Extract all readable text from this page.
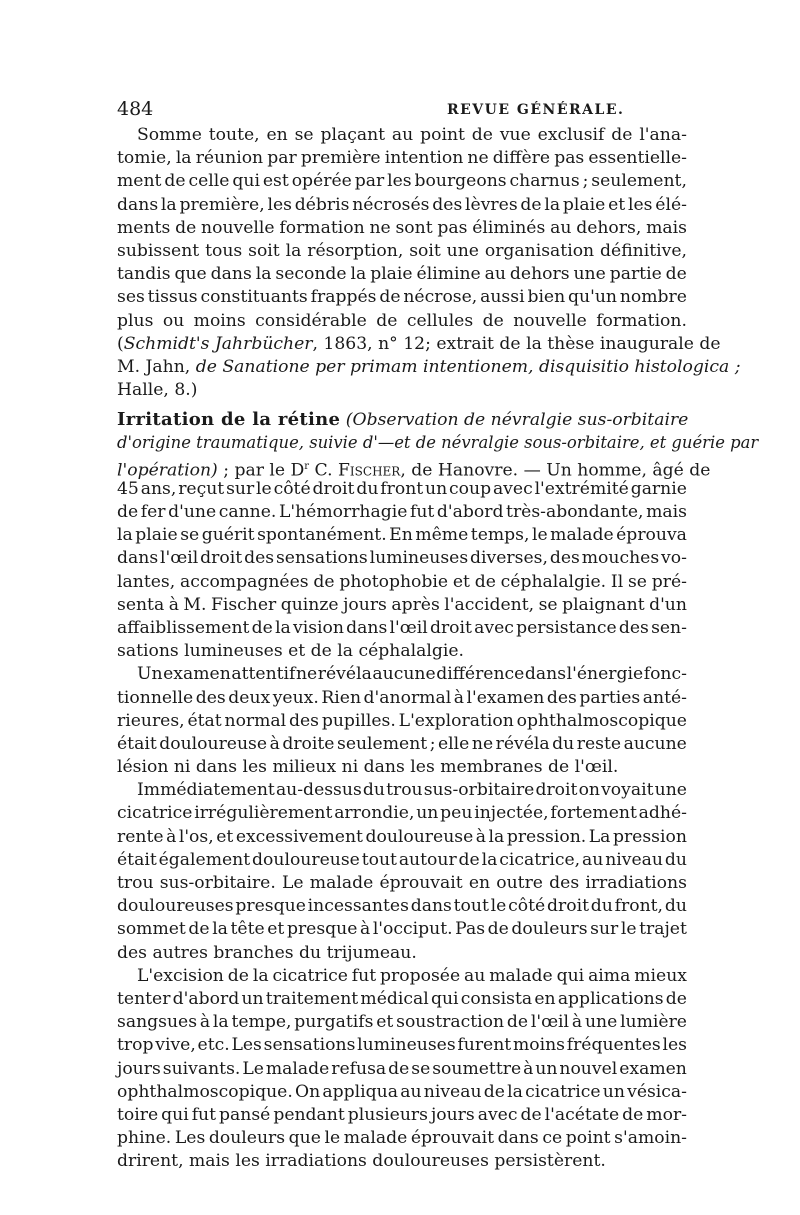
484	REVUE GÉNÉRALE.
Somme toute, en se plaçant au point de vue exclusif de l'ana-
tomie, la réunion par première intention ne diffère pas essentielle-
ment de celle qui est opérée par les bourgeons charnus ; seulement,
dans la première, les débris nécrosés des lèvres de la plaie et les élé-
ments de nouvelle formation ne sont pas éliminés au dehors, mais
subissent tous soit la résorption, soit une organisation définitive,
tandis que dans la seconde la plaie élimine au dehors une partie de
ses tissus constituants frappés de nécrose, aussi bien qu'un nombre
plus ou moins considérable de cellules de nouvelle formation.
(Schmidt's Jahrbücher, 1863, n° 12; extrait de la thèse inaugurale de
M. Jahn, de Sanatione per primam intentionem, disquisitio histologica ;
Halle, 8.)
Irritation de la rétine (Observation de névralgie sus-orbitaire
d'origine traumatique, suivie d'—et de névralgie sous-orbitaire, et guérie par
l'opération) ; par le $D^r$ C. Fischer, de Hanovre. — Un homme, âgé de
45 ans, reçut sur le côté droit du front un coup avec l'extrémité garnie
de fer d'une canne. L'hémorrhagie fut d'abord très-abondante, mais
la plaie se guérit spontanément. En même temps, le malade éprouva
dans l'œil droit des sensations lumineuses diverses, des mouches vo-
lantes, accompagnées de photophobie et de céphalalgie. Il se pré-
senta à M. Fischer quinze jours après l'accident, se plaignant d'un
affaiblissement de la vision dans l'œil droit avec persistance des sen-
sations lumineuses et de la céphalalgie.
Un examen attentif ne révéla aucune différence dans l'énergie fonc-
tionnelle des deux yeux. Rien d'anormal à l'examen des parties anté-
rieures, état normal des pupilles. L'exploration ophthalmoscopique
était douloureuse à droite seulement ; elle ne révéla du reste aucune
lésion ni dans les milieux ni dans les membranes de l'œil.
Immédiatement au-dessus du trou sus-orbitaire droit on voyait une
cicatrice irrégulièrement arrondie, un peu injectée, fortement adhé-
rente à l'os, et excessivement douloureuse à la pression. La pression
était également douloureuse tout autour de la cicatrice, au niveau du
trou sus-orbitaire. Le malade éprouvait en outre des irradiations
douloureuses presque incessantes dans tout le côté droit du front, du
sommet de la tête et presque à l'occiput. Pas de douleurs sur le trajet
des autres branches du trijumeau.
L'excision de la cicatrice fut proposée au malade qui aima mieux
tenter d'abord un traitement médical qui consista en applications de
sangsues à la tempe, purgatifs et soustraction de l'œil à une lumière
trop vive, etc. Les sensations lumineuses furent moins fréquentes les
jours suivants. Le malade refusa de se soumettre à un nouvel examen
ophthalmoscopique. On appliqua au niveau de la cicatrice un vésica-
toire qui fut pansé pendant plusieurs jours avec de l'acétate de mor-
phine. Les douleurs que le malade éprouvait dans ce point s'amoin-
drirent, mais les irradiations douloureuses persistèrent.
